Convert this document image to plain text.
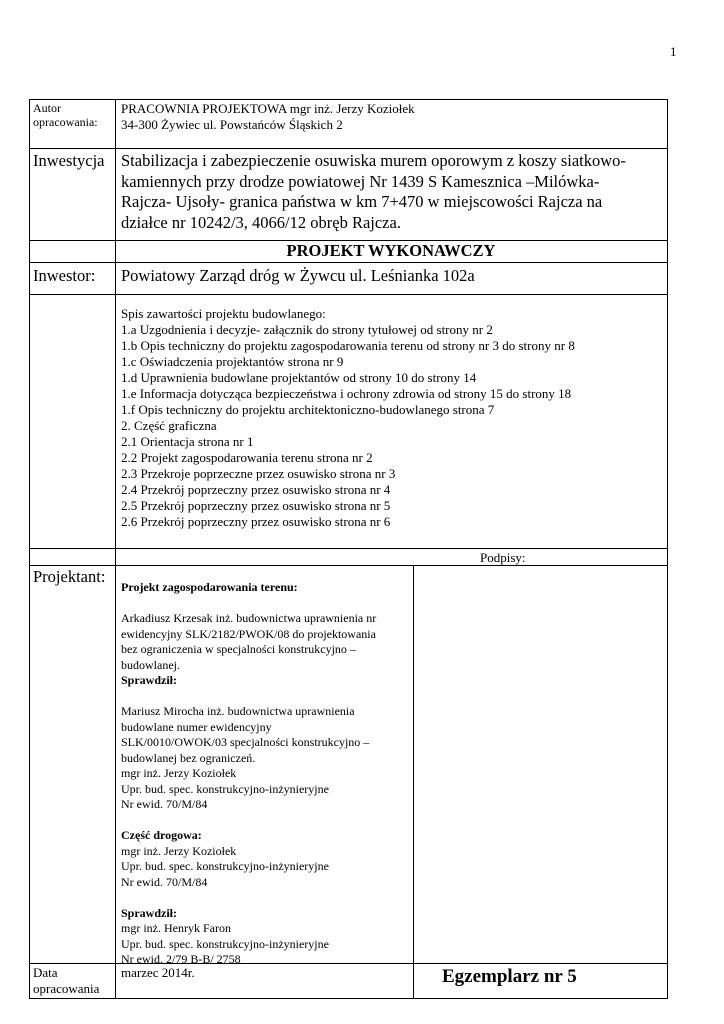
1
Autor
opracowania:
PRACOWNIA PROJEKTOWA mgr inż. Jerzy Koziołek
34-300 Żywiec ul. Powstańców Śląskich 2
Inwestycja Stabilizacja i zabezpieczenie osuwiska murem oporowym z koszy siatkowo-
kamiennych przy drodze powiatowej Nr 1439 S Kamesznica –Milówka-
Rajcza- Ujsoły- granica państwa w km 7+470 w miejscowości Rajcza na
działce nr 10242/3, 4066/12 obręb Rajcza.
PROJEKT WYKONAWCZY
Inwestor: Powiatowy Zarząd dróg w Żywcu ul. Leśnianka 102a
Spis zawartości projektu budowlanego:
1.a Uzgodnienia i decyzje- załącznik do strony tytułowej od strony nr 2
1.b Opis techniczny do projektu zagospodarowania terenu od strony nr 3 do strony nr 8
1.c Oświadczenia projektantów strona nr 9
1.d Uprawnienia budowlane projektantów od strony 10 do strony 14
1.e Informacja dotycząca bezpieczeństwa i ochrony zdrowia od strony 15 do strony 18
1.f Opis techniczny do projektu architektoniczno-budowlanego strona 7
2. Część graficzna
2.1 Orientacja strona nr 1
2.2 Projekt zagospodarowania terenu strona nr 2
2.3 Przekroje poprzeczne przez osuwisko strona nr 3
2.4 Przekrój poprzeczny przez osuwisko strona nr 4
2.5 Przekrój poprzeczny przez osuwisko strona nr 5
2.6 Przekrój poprzeczny przez osuwisko strona nr 6
Podpisy:
Projektant:
Projekt zagospodarowania terenu:
Arkadiusz Krzesak inż. budownictwa uprawnienia nr
ewidencyjny SLK/2182/PWOK/08 do projektowania
bez ograniczenia w specjalności konstrukcyjno –
budowlanej.
Sprawdził:
Mariusz Mirocha inż. budownictwa uprawnienia
budowlane numer ewidencyjny
SLK/0010/OWOK/03 specjalności konstrukcyjno –
budowlanej bez ograniczeń.
mgr inż. Jerzy Koziołek
Upr. bud. spec. konstrukcyjno-inżynieryjne
Nr ewid. 70/M/84
Część drogowa:
mgr inż. Jerzy Koziołek
Upr. bud. spec. konstrukcyjno-inżynieryjne
Nr ewid. 70/M/84
Sprawdził:
mgr inż. Henryk Faron
Upr. bud. spec. konstrukcyjno-inżynieryjne
Nr ewid. 2/79 B-B/ 2758
Data
opracowania
marzec 2014r.	Egzemplarz nr 5
